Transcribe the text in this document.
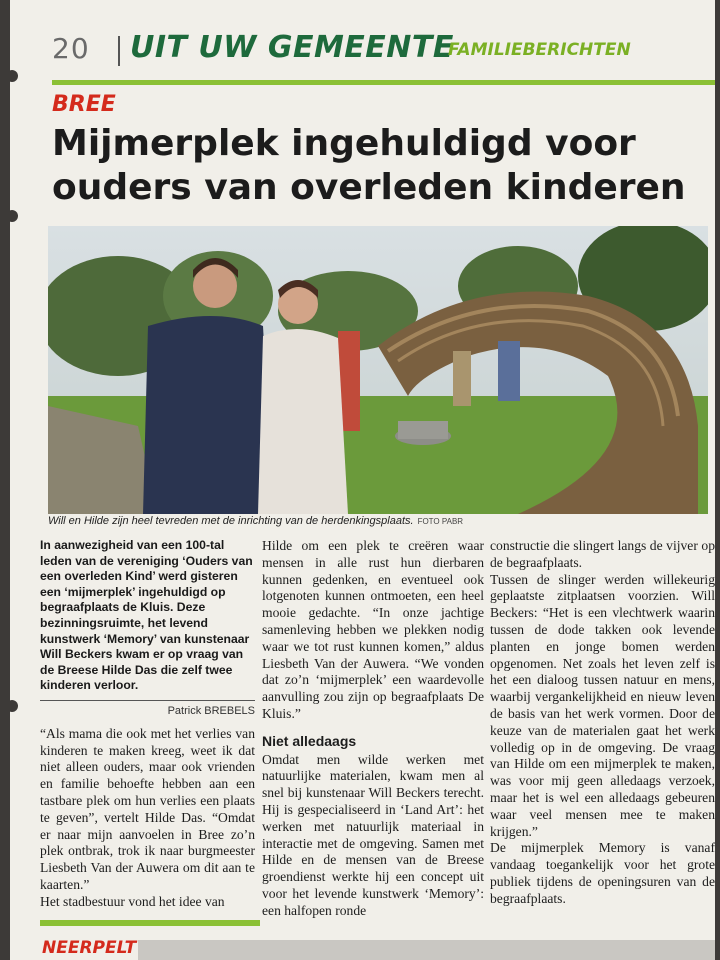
20 UIT UW GEMEENTE
FAMILIEBERICHTEN
BREE
Mijmerplek ingehuldigd voor ouders van overleden kinderen
Will en Hilde zijn heel tevreden met de inrichting van de herdenkingsplaats. FOTO PABR

In aanwezigheid van een 100-tal leden van de vereniging ‘Ouders van een overleden Kind’ werd gisteren een ‘mijmerplek’ ingehuldigd op begraafplaats de Kluis. Deze bezinningsruimte, het levend kunstwerk ‘Memory’ van kunstenaar Will Beckers kwam er op vraag van de Breese Hilde Das die zelf twee kinderen verloor.

Patrick BREBELS

“Als mama die ook met het verlies van kinderen te maken kreeg, weet ik dat niet alleen ouders, maar ook vrienden en familie behoefte hebben aan een tastbare plek om hun verlies een plaats te geven”, vertelt Hilde Das. “Omdat er naar mijn aanvoelen in Bree zo’n plek ontbrak, trok ik naar burgmeester Liesbeth Van der Auwera om dit aan te kaarten.”

Het stadbestuur vond het idee van

Hilde om een plek te creëren waar mensen in alle rust hun dierbaren kunnen gedenken, en eventueel ook lotgenoten kunnen ontmoeten, een heel mooie gedachte. “In onze jachtige samenleving hebben we plekken nodig waar we tot rust kunnen komen,” aldus Liesbeth Van der Auwera. “We vonden dat zo’n ‘mijmerplek’ een waardevolle aanvulling zou zijn op begraafplaats De Kluis.”

Niet alledaags

Omdat men wilde werken met natuurlijke materialen, kwam men al snel bij kunstenaar Will Beckers terecht. Hij is gespecialiseerd in ‘Land Art’: het werken met natuurlijk materiaal in interactie met de omgeving. Samen met Hilde en de mensen van de Breese groendienst werkte hij een concept uit voor het levende kunstwerk ‘Memory’: een halfopen ronde

constructie die slingert langs de vijver op de begraafplaats.

Tussen de slinger werden willekeurig geplaatste zitplaatsen voorzien. Will Beckers: “Het is een vlechtwerk waarin tussen de dode takken ook levende planten en jonge bomen werden opgenomen. Net zoals het leven zelf is het een dialoog tussen natuur en mens, waarbij vergankelijkheid en nieuw leven de basis van het werk vormen. Door de keuze van de materialen gaat het werk volledig op in de omgeving. De vraag van Hilde om een mijmerplek te maken, was voor mij geen alledaags verzoek, maar het is wel een alledaags gebeuren waar veel mensen mee te maken krijgen.”

De mijmerplek Memory is vanaf vandaag toegankelijk voor het grote publiek tijdens de openingsuren van de begraafplaats.

NEERPELT
